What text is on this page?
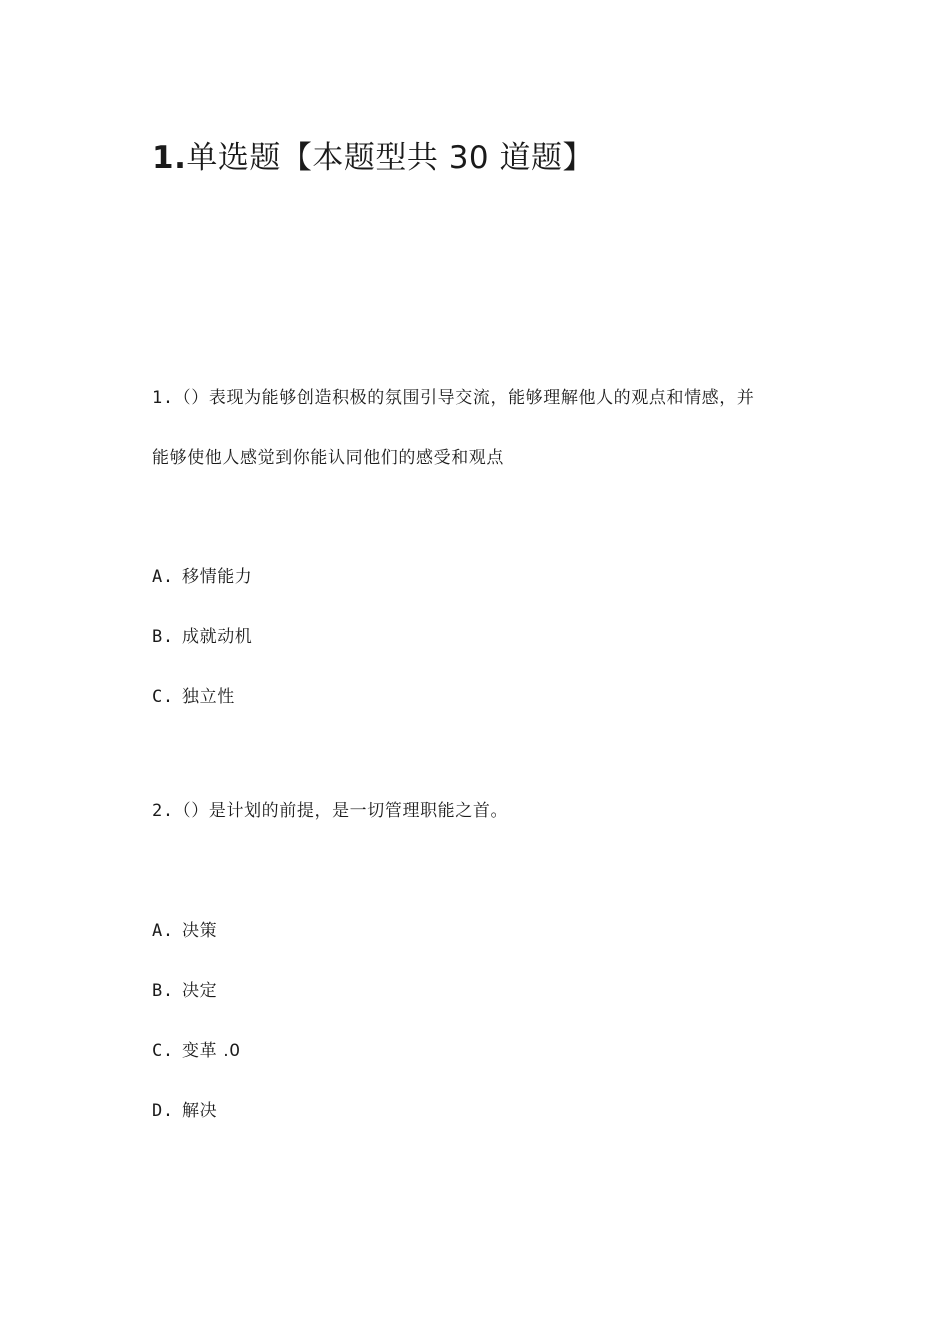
1.单选题【本题型共 30 道题】

1.（）表现为能够创造积极的氛围引导交流，能够理解他人的观点和情感，并

能够使他人感觉到你能认同他们的感受和观点

A. 移情能力

B. 成就动机

C. 独立性

2.（）是计划的前提，是一切管理职能之首。

A. 决策

B. 决定

C. 变革 .0

D. 解决
